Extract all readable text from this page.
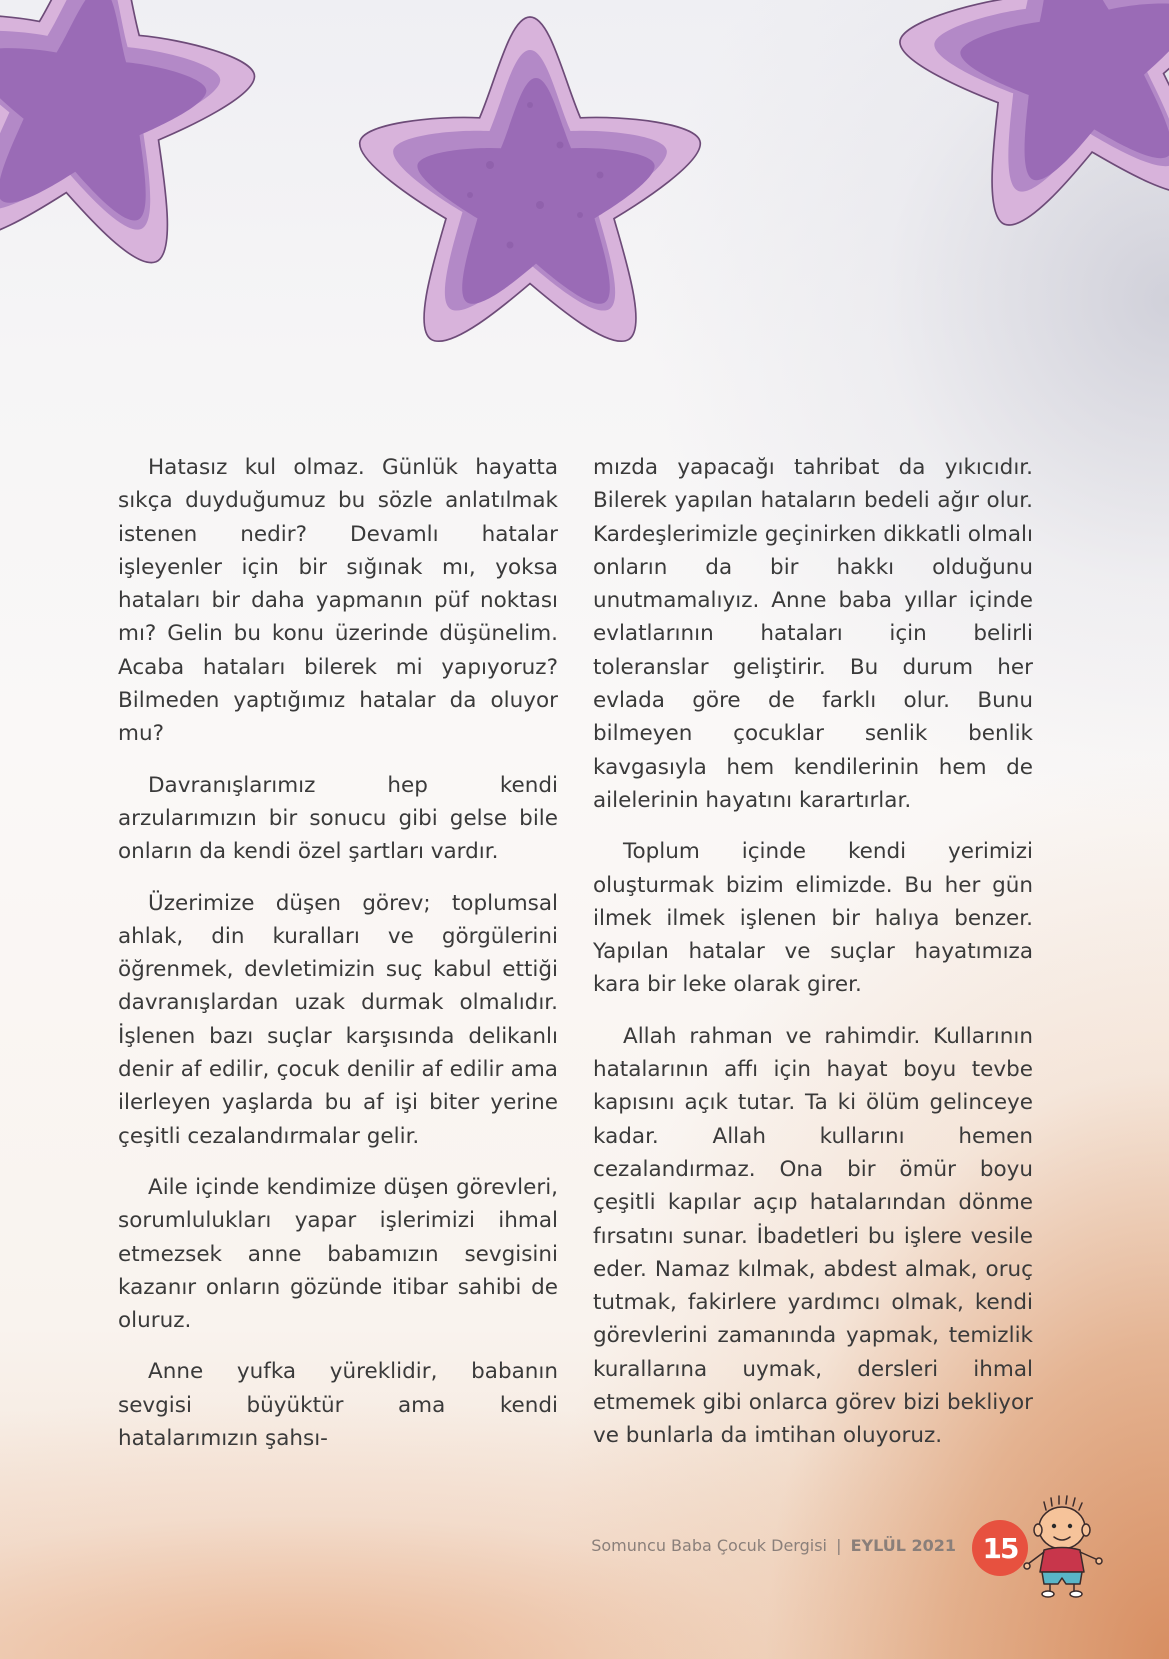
Hatasız kul olmaz. Günlük hayatta sıkça duyduğumuz bu sözle anlatılmak istenen nedir? Devamlı hatalar işleyenler için bir sığınak mı, yoksa hataları bir daha yapmanın püf noktası mı? Gelin bu konu üzerinde düşünelim. Acaba hataları bilerek mi yapıyoruz? Bilmeden yaptığımız hatalar da oluyor mu?

Davranışlarımız hep kendi arzularımızın bir sonucu gibi gelse bile onların da kendi özel şartları vardır.

Üzerimize düşen görev; toplumsal ahlak, din kuralları ve görgülerini öğrenmek, devletimizin suç kabul ettiği davranışlardan uzak durmak olmalıdır. İşlenen bazı suçlar karşısında delikanlı denir af edilir, çocuk denilir af edilir ama ilerleyen yaşlarda bu af işi biter yerine çeşitli cezalandırmalar gelir.

Aile içinde kendimize düşen görevleri, sorumlulukları yapar işlerimizi ihmal etmezsek anne babamızın sevgisini kazanır onların gözünde itibar sahibi de oluruz.

Anne yufka yüreklidir, babanın sevgisi büyüktür ama kendi hatalarımızın şahsı-

mızda yapacağı tahribat da yıkıcıdır. Bilerek yapılan hataların bedeli ağır olur. Kardeşlerimizle geçinirken dikkatli olmalı onların da bir hakkı olduğunu unutmamalıyız. Anne baba yıllar içinde evlatlarının hataları için belirli toleranslar geliştirir. Bu durum her evlada göre de farklı olur. Bunu bilmeyen çocuklar senlik benlik kavgasıyla hem kendilerinin hem de ailelerinin hayatını karartırlar.

Toplum içinde kendi yerimizi oluşturmak bizim elimizde. Bu her gün ilmek ilmek işlenen bir halıya benzer. Yapılan hatalar ve suçlar hayatımıza kara bir leke olarak girer.

Allah rahman ve rahimdir. Kullarının hatalarının affı için hayat boyu tevbe kapısını açık tutar. Ta ki ölüm gelinceye kadar. Allah kullarını hemen cezalandırmaz. Ona bir ömür boyu çeşitli kapılar açıp hatalarından dönme fırsatını sunar. İbadetleri bu işlere vesile eder. Namaz kılmak, abdest almak, oruç tutmak, fakirlere yardımcı olmak, kendi görevlerini zamanında yapmak, temizlik kurallarına uymak, dersleri ihmal etmemek gibi onlarca görev bizi bekliyor ve bunlarla da imtihan oluyoruz.

Somuncu Baba Çocuk Dergisi | EYLÜL 2021 15
